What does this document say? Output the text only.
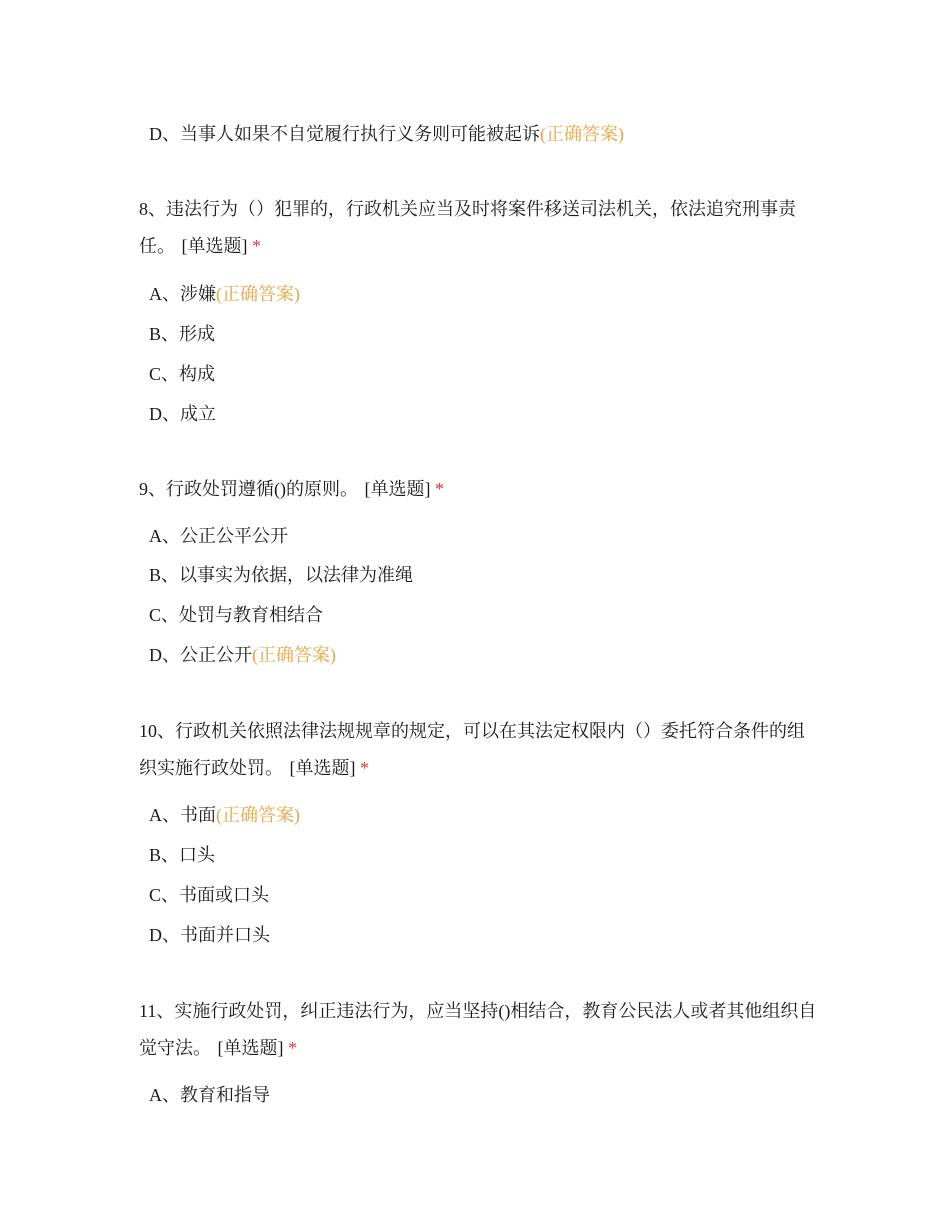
D、当事人如果不自觉履行执行义务则可能被起诉(正确答案)
8、违法行为（）犯罪的，行政机关应当及时将案件移送司法机关，依法追究刑事责任。 [单选题] *
A、涉嫌(正确答案)
B、形成
C、构成
D、成立
9、行政处罚遵循()的原则。 [单选题] *
A、公正公平公开
B、以事实为依据，以法律为准绳
C、处罚与教育相结合
D、公正公开(正确答案)
10、行政机关依照法律法规规章的规定，可以在其法定权限内（）委托符合条件的组织实施行政处罚。 [单选题] *
A、书面(正确答案)
B、口头
C、书面或口头
D、书面并口头
11、实施行政处罚，纠正违法行为，应当坚持()相结合，教育公民法人或者其他组织自觉守法。 [单选题] *
A、教育和指导
